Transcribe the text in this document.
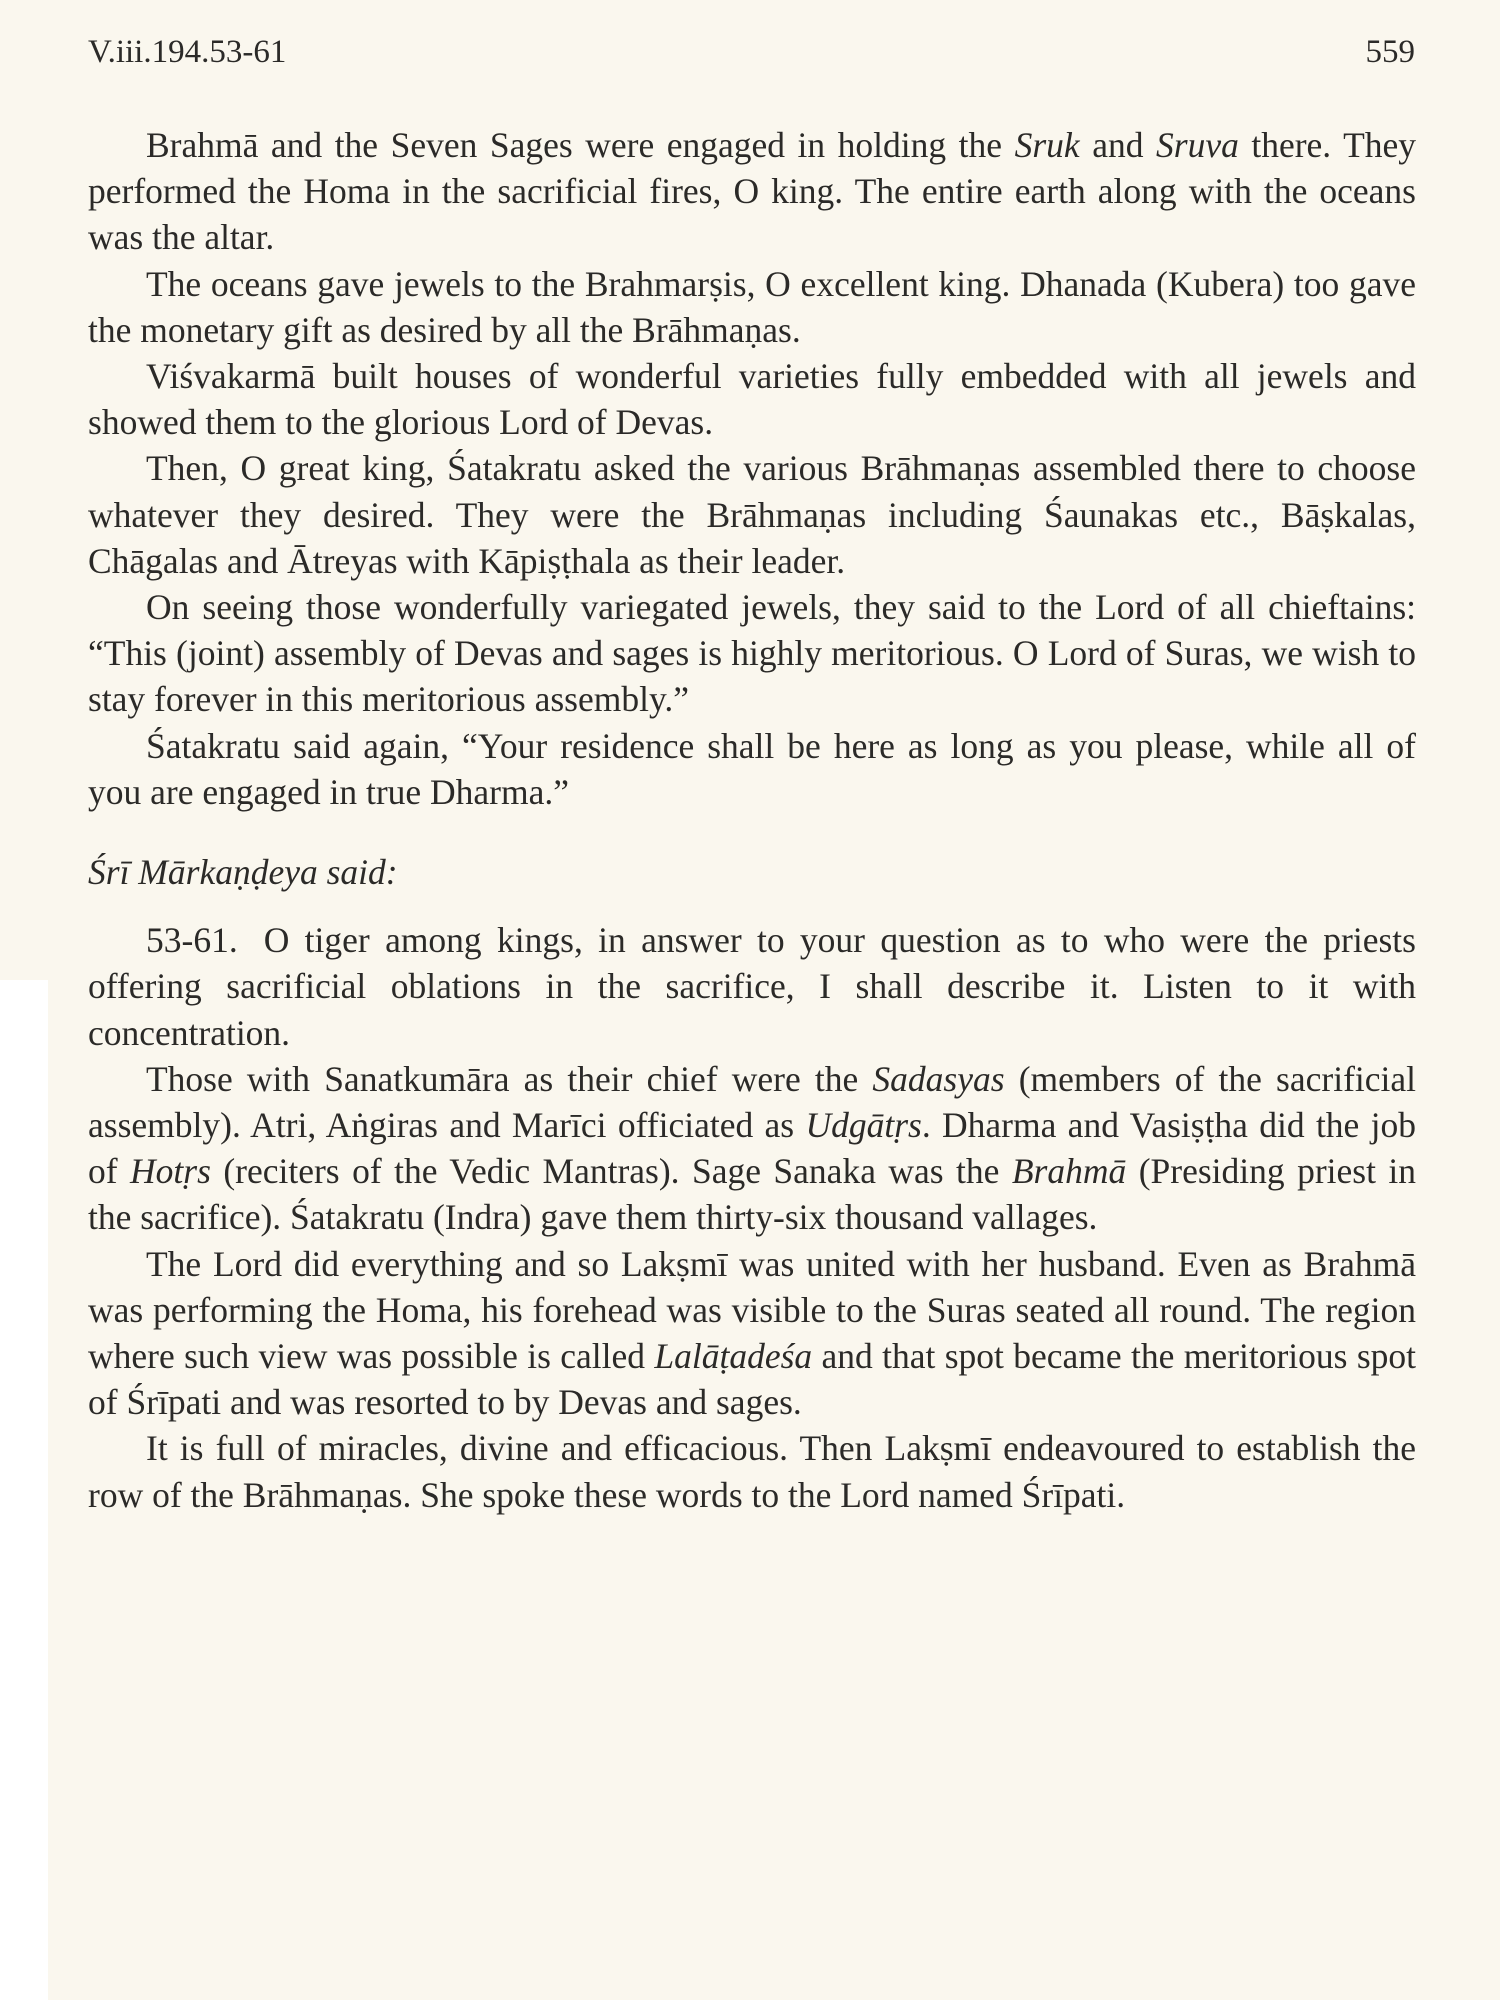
V.iii.194.53-61	559

Brahmā and the Seven Sages were engaged in holding the Sruk and Sruva there. They performed the Homa in the sacrificial fires, O king. The entire earth along with the oceans was the altar.

The oceans gave jewels to the Brahmarṣis, O excellent king. Dhanada (Kubera) too gave the monetary gift as desired by all the Brāhmaṇas.

Viśvakarmā built houses of wonderful varieties fully embedded with all jewels and showed them to the glorious Lord of Devas.

Then, O great king, Śatakratu asked the various Brāhmaṇas assembled there to choose whatever they desired. They were the Brāhmaṇas including Śaunakas etc., Bāṣkalas, Chāgalas and Ātreyas with Kāpiṣṭhala as their leader.

On seeing those wonderfully variegated jewels, they said to the Lord of all chieftains: “This (joint) assembly of Devas and sages is highly meritorious. O Lord of Suras, we wish to stay forever in this meritorious assembly.”

Śatakratu said again, “Your residence shall be here as long as you please, while all of you are engaged in true Dharma.”

Śrī Mārkaṇḍeya said:

53-61. O tiger among kings, in answer to your question as to who were the priests offering sacrificial oblations in the sacrifice, I shall describe it. Listen to it with concentration.

Those with Sanatkumāra as their chief were the Sadasyas (members of the sacrificial assembly). Atri, Aṅgiras and Marīci officiated as Udgātṛs. Dharma and Vasiṣṭha did the job of Hotṛs (reciters of the Vedic Mantras). Sage Sanaka was the Brahmā (Presiding priest in the sacrifice). Śatakratu (Indra) gave them thirty-six thousand vallages.

The Lord did everything and so Lakṣmī was united with her husband. Even as Brahmā was performing the Homa, his forehead was visible to the Suras seated all round. The region where such view was possible is called Lalāṭadeśa and that spot became the meritorious spot of Śrīpati and was resorted to by Devas and sages.

It is full of miracles, divine and efficacious. Then Lakṣmī endeavoured to establish the row of the Brāhmaṇas. She spoke these words to the Lord named Śrīpati.
